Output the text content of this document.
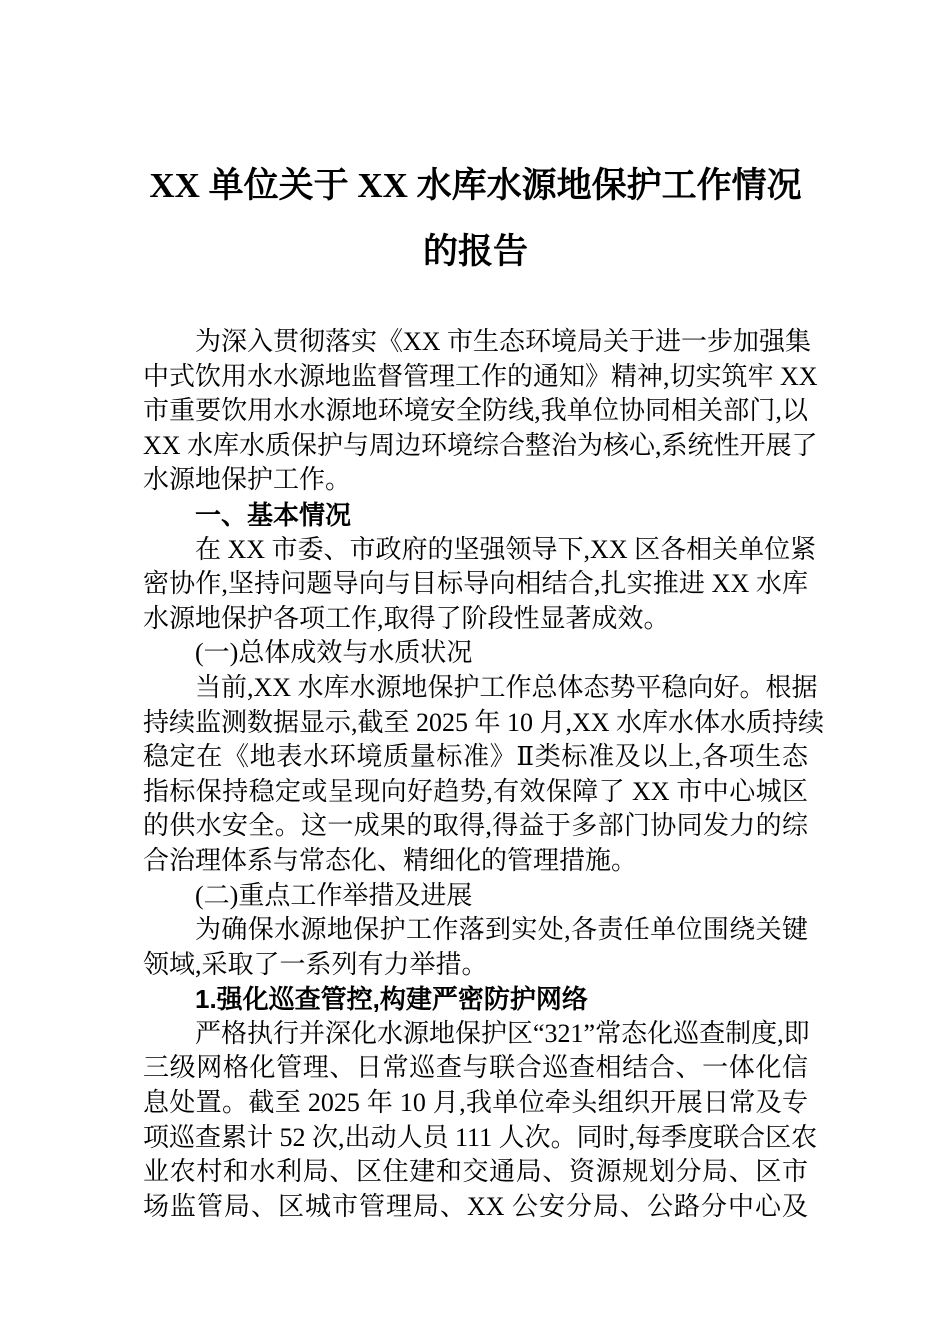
XX 单位关于 XX 水库水源地保护工作情况
的报告
为深入贯彻落实《XX 市生态环境局关于进一步加强集
中式饮用水水源地监督管理工作的通知》精神,切实筑牢 XX
市重要饮用水水源地环境安全防线,我单位协同相关部门,以
XX 水库水质保护与周边环境综合整治为核心,系统性开展了
水源地保护工作。
一、基本情况
在 XX 市委、市政府的坚强领导下,XX 区各相关单位紧
密协作,坚持问题导向与目标导向相结合,扎实推进 XX 水库
水源地保护各项工作,取得了阶段性显著成效。
(一)总体成效与水质状况
当前,XX 水库水源地保护工作总体态势平稳向好。根据
持续监测数据显示,截至 2025 年 10 月,XX 水库水体水质持续
稳定在《地表水环境质量标准》Ⅱ类标准及以上,各项生态
指标保持稳定或呈现向好趋势,有效保障了 XX 市中心城区
的供水安全。这一成果的取得,得益于多部门协同发力的综
合治理体系与常态化、精细化的管理措施。
(二)重点工作举措及进展
为确保水源地保护工作落到实处,各责任单位围绕关键
领域,采取了一系列有力举措。
1.强化巡查管控,构建严密防护网络
严格执行并深化水源地保护区“321”常态化巡查制度,即
三级网格化管理、日常巡查与联合巡查相结合、一体化信
息处置。截至 2025 年 10 月,我单位牵头组织开展日常及专
项巡查累计 52 次,出动人员 111 人次。同时,每季度联合区农
业农村和水利局、区住建和交通局、资源规划分局、区市
场监管局、区城市管理局、XX 公安分局、公路分中心及
